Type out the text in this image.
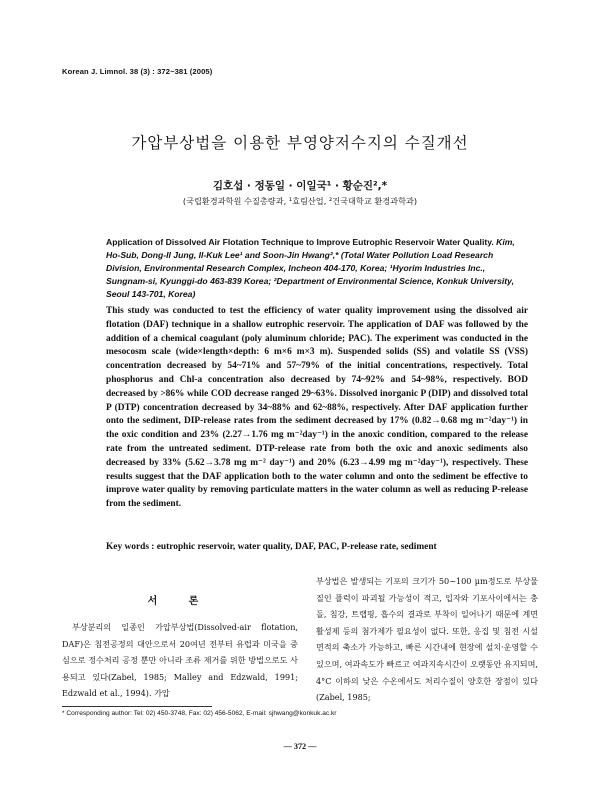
Korean J. Limnol. 38 (3) : 372~381 (2005)
가압부상법을 이용한 부영양저수지의 수질개선
김호섭 · 정동일 · 이일국¹ · 황순진²,*
(국립환경과학원 수질총량과, ¹효림산업, ²건국대학교 환경과학과)
Application of Dissolved Air Flotation Technique to Improve Eutrophic Reservoir Water Quality. Kim, Ho-Sub, Dong-Il Jung, Il-Kuk Lee¹ and Soon-Jin Hwang²,* (Total Water Pollution Load Research Division, Environmental Research Complex, Incheon 404-170, Korea; ¹Hyorim Industries Inc., Sungnam-si, Kyunggi-do 463-839 Korea; ²Department of Environmental Science, Konkuk University, Seoul 143-701, Korea)
This study was conducted to test the efficiency of water quality improvement using the dissolved air flotation (DAF) technique in a shallow eutrophic reservoir. The application of DAF was followed by the addition of a chemical coagulant (poly aluminum chloride; PAC). The experiment was conducted in the mesocosm scale (wide×length×depth: 6 m×6 m×3 m). Suspended solids (SS) and volatile SS (VSS) concentration decreased by 54~71% and 57~79% of the initial concentrations, respectively. Total phosphorus and Chl-a concentration also decreased by 74~92% and 54~98%, respectively. BOD decreased by >86% while COD decrease ranged 29~63%. Dissolved inorganic P (DIP) and dissolved total P (DTP) concentration decreased by 34~88% and 62~88%, respectively. After DAF application further onto the sediment, DIP-release rates from the sediment decreased by 17% (0.82→0.68 mg m⁻²day⁻¹) in the oxic condition and 23% (2.27→1.76 mg m⁻²day⁻¹) in the anoxic condition, compared to the release rate from the untreated sediment. DTP-release rate from both the oxic and anoxic sediments also decreased by 33% (5.62→3.78 mg m⁻² day⁻¹) and 20% (6.23→4.99 mg m⁻²day⁻¹), respectively. These results suggest that the DAF application both to the water column and onto the sediment be effective to improve water quality by removing particulate matters in the water column as well as reducing P-release from the sediment.
Key words : eutrophic reservoir, water quality, DAF, PAC, P-release rate, sediment
서 론

부상분리의 일종인 가압부상법(Dissolved-air flotation, DAF)은 침전공정의 대안으로서 20여년 전부터 유럽과 미국을 중심으로 정수처리 공정 뿐만 아니라 조류 제거를 위한 방법으로도 사용되고 있다(Zabel, 1985; Malley and Edzwald, 1991; Edzwald et al., 1994). 가압

부상법은 발생되는 기포의 크기가 50~100 μm정도로 부상물질인 플럭이 파괴될 가능성이 적고, 입자와 기포사이에서는 충돌, 침강, 트랩핑, 흡수의 결과로 부착이 일어나기 때문에 계면활성제 등의 첨가제가 필요성이 없다. 또한, 응집 및 침전 시설면적의 축소가 가능하고, 빠른 시간내에 현장에 설치·운영할 수 있으며, 여과속도가 빠르고 여과지속시간이 오랫동안 유지되며, 4°C 이하의 낮은 수온에서도 처리수질이 양호한 장점이 있다(Zabel, 1985;

* Corresponding author: Tel: 02) 450-3748, Fax: 02) 456-5062, E-mail: sjhwang@konkuk.ac.kr
— 372 —
